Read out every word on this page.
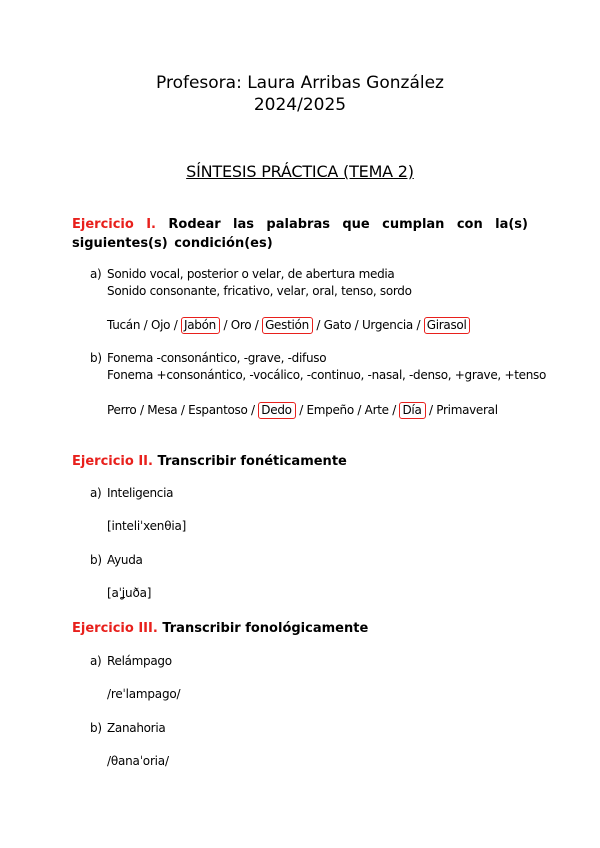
Profesora: Laura Arribas González
2024/2025
SÍNTESIS PRÁCTICA (TEMA 2)
Ejercicio I. Rodear las palabras que cumplan con la(s) siguientes(s) condición(es)
a) Sonido vocal, posterior o velar, de abertura media
Sonido consonante, fricativo, velar, oral, tenso, sordo
Tucán / Ojo / Jabón / Oro / Gestión / Gato / Urgencia / Girasol
b) Fonema -consonántico, -grave, -difuso
Fonema +consonántico, -vocálico, -continuo, -nasal, -denso, +grave, +tenso
Perro / Mesa / Espantoso / Dedo / Empeño / Arte / Día / Primaveral
Ejercicio II. Transcribir fonéticamente
a) Inteligencia
[inteliˈxenθia]
b) Ayuda
[aˈʝuða]
Ejercicio III. Transcribir fonológicamente
a) Relámpago
/reˈlampago/
b) Zanahoria
/θanaˈoria/
